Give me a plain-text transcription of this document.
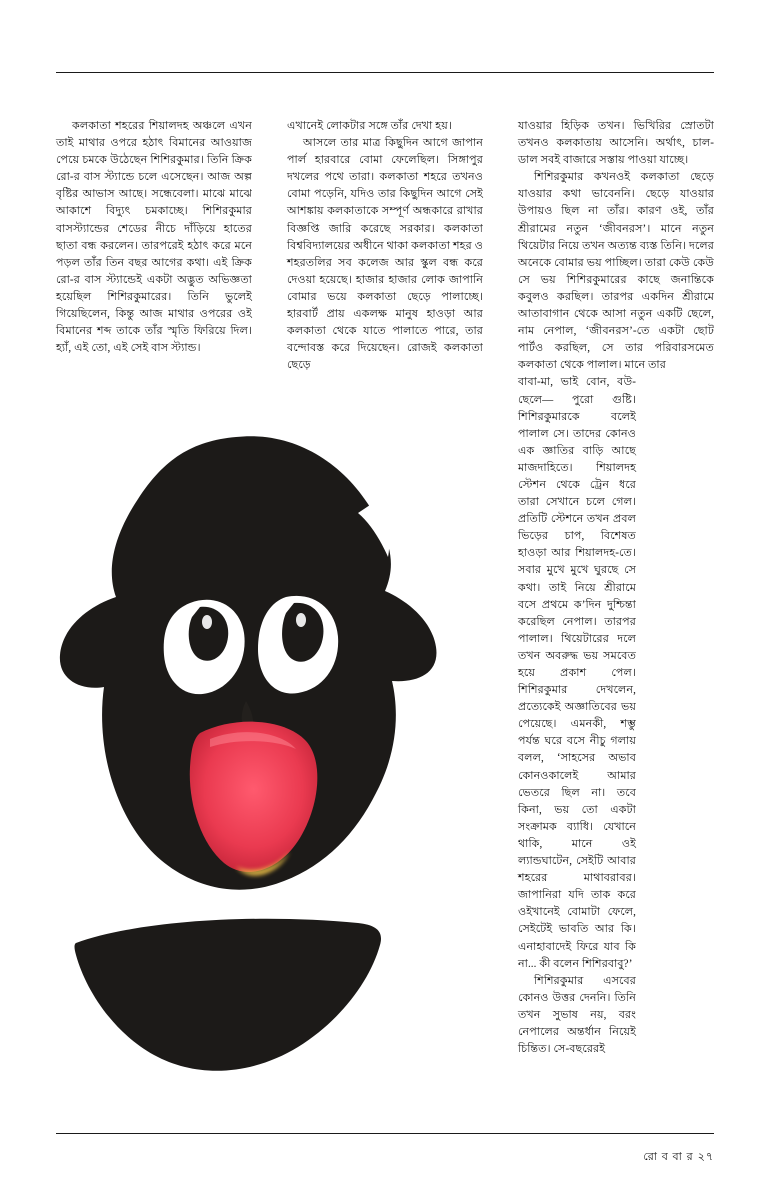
কলকাতা শহরের শিয়ালদহ অঞ্চলে এখন তাই মাথার ওপরে হঠাৎ বিমানের আওয়াজ পেয়ে চমকে উঠেছেন শিশিরকুমার। তিনি ক্রিক রো-র বাস স্ট্যান্ডে চলে এসেছেন। আজ অল্প বৃষ্টির আভাস আছে। সন্ধেবেলা। মাঝে মাঝে আকাশে বিদ্যুৎ চমকাচ্ছে। শিশিরকুমার বাসস্ট্যান্ডের শেডের নীচে দাঁড়িয়ে হাতের ছাতা বন্ধ করলেন। তারপরেই হঠাৎ করে মনে পড়ল তাঁর তিন বছর আগের কথা। এই ক্রিক রো-র বাস স্ট্যান্ডেই একটা অদ্ভুত অভিজ্ঞতা হয়েছিল শিশিরকুমারের। তিনি ভুলেই গিয়েছিলেন, কিন্তু আজ মাথার ওপরের ওই বিমানের শব্দ তাকে তাঁর স্মৃতি ফিরিয়ে দিল। হ্যাঁ, এই তো, এই সেই বাস স্ট্যান্ড।

এখানেই লোকটার সঙ্গে তাঁর দেখা হয়।

আসলে তার মাত্র কিছুদিন আগে জাপান পার্ল হারবারে বোমা ফেলেছিল। সিঙ্গাপুর দখলের পথে তারা। কলকাতা শহরে তখনও বোমা পড়েনি, যদিও তার কিছুদিন আগে সেই আশঙ্কায় কলকাতাকে সম্পূর্ণ অন্ধকারে রাখার বিজ্ঞপ্তি জারি করেছে সরকার। কলকাতা বিশ্ববিদ্যালয়ের অধীনে থাকা কলকাতা শহর ও শহরতলির সব কলেজ আর স্কুল বন্ধ করে দেওয়া হয়েছে। হাজার হাজার লোক জাপানি বোমার ভয়ে কলকাতা ছেড়ে পালাচ্ছে। হারবার্ট প্রায় একলক্ষ মানুষ হাওড়া আর কলকাতা থেকে যাতে পালাতে পারে, তার বন্দোবস্ত করে দিয়েছেন। রোজই কলকাতা ছেড়ে

যাওয়ার হিড়িক তখন। ভিখিরির স্রোতটা তখনও কলকাতায় আসেনি। অর্থাৎ, চাল-ডাল সবই বাজারে সস্তায় পাওয়া যাচ্ছে।

শিশিরকুমার কখনওই কলকাতা ছেড়ে যাওয়ার কথা ভাবেননি। ছেড়ে যাওয়ার উপায়ও ছিল না তাঁর। কারণ ওই, তাঁর শ্রীরামের নতুন ‘জীবনরস’। মানে নতুন থিয়েটার নিয়ে তখন অত্যন্ত ব্যস্ত তিনি। দলের অনেকে বোমার ভয় পাচ্ছিল। তারা কেউ কেউ সে ভয় শিশিরকুমারের কাছে জনান্তিকে কবুলও করছিল। তারপর একদিন শ্রীরামে আতাবাগান থেকে আসা নতুন একটি ছেলে, নাম নেপাল, ‘জীবনরস’-তে একটা ছোট পার্টও করছিল, সে তার পরিবারসমেত কলকাতা থেকে পালাল। মানে তার

বাবা-মা, ভাই বোন, বউ-ছেলে— পুরো গুষ্টি। শিশিরকুমারকে বলেই পালাল সে। তাদের কোনও এক জ্ঞাতির বাড়ি আছে মাজদাহিতে। শিয়ালদহ স্টেশন থেকে ট্রেন ধরে তারা সেখানে চলে গেল। প্রতিটি স্টেশনে তখন প্রবল ভিড়ের চাপ, বিশেষত হাওড়া আর শিয়ালদহ-তে। সবার মুখে মুখে ঘুরছে সে কথা। তাই নিয়ে শ্রীরামে বসে প্রথমে ক’দিন দুশ্চিন্তা করেছিল নেপাল। তারপর পালাল। থিয়েটারের দলে তখন অবরুদ্ধ ভয় সমবেত হয়ে প্রকাশ পেল। শিশিরকুমার দেখলেন, প্রত্যেকেই অজ্ঞাতিবের ভয় পেয়েছে। এমনকী, শম্ভু পর্যন্ত ঘরে বসে নীচু গলায় বলল, ‘সাহসের অভাব কোনওকালেই আমার ভেতরে ছিল না। তবে কিনা, ভয় তো একটা সংক্রামক ব্যাধি। যেখানে থাকি, মানে ওই ল্যান্ডঘাটেন, সেইটি আবার শহরের মাথাবরাবর। জাপানিরা যদি তাক করে ওইখানেই বোমাটা ফেলে, সেইটেই ভাবতি আর কি। এনাহাবাদেই ফিরে যাব কি না... কী বলেন শিশিরবাবু?’

শিশিরকুমার এসবের কোনও উত্তর দেননি। তিনি তখন সুভাষ নয়, বরং নেপালের অন্তর্ধান নিয়েই চিন্তিত। সে-বছরেরই

রো ব বা র ২৭
